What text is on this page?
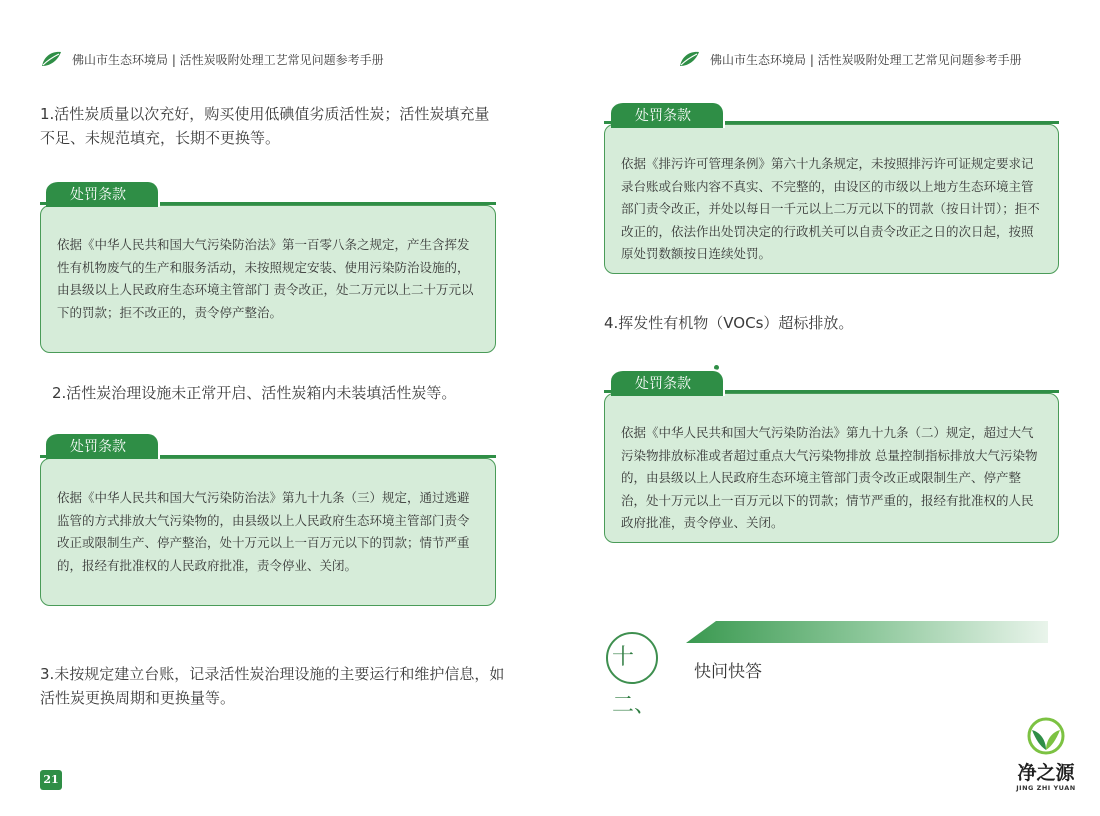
佛山市生态环境局 | 活性炭吸附处理工艺常见问题参考手册
1.活性炭质量以次充好，购买使用低碘值劣质活性炭；活性炭填充量不足、未规范填充，长期不更换等。
依据《中华人民共和国大气污染防治法》第一百零八条之规定，产生含挥发性有机物废气的生产和服务活动，未按照规定安装、使用污染防治设施的，由县级以上人民政府生态环境主管部门 责令改正，处二万元以上二十万元以下的罚款；拒不改正的，责令停产整治。
处罚条款
2.活性炭治理设施未正常开启、活性炭箱内未装填活性炭等。
依据《中华人民共和国大气污染防治法》第九十九条（三）规定，通过逃避监管的方式排放大气污染物的，由县级以上人民政府生态环境主管部门责令改正或限制生产、停产整治，处十万元以上一百万元以下的罚款；情节严重的，报经有批准权的人民政府批准，责令停业、关闭。
处罚条款
3.未按规定建立台账，记录活性炭治理设施的主要运行和维护信息，如活性炭更换周期和更换量等。
21
佛山市生态环境局 | 活性炭吸附处理工艺常见问题参考手册
依据《排污许可管理条例》第六十九条规定，未按照排污许可证规定要求记录台账或台账内容不真实、不完整的，由设区的市级以上地方生态环境主管部门责令改正，并处以每日一千元以上二万元以下的罚款（按日计罚）；拒不改正的，依法作出处罚决定的行政机关可以自责令改正之日的次日起，按照原处罚数额按日连续处罚。
处罚条款
4.挥发性有机物（VOCs）超标排放。
依据《中华人民共和国大气污染防治法》第九十九条（二）规定，超过大气污染物排放标准或者超过重点大气污染物排放 总量控制指标排放大气污染物的，由县级以上人民政府生态环境主管部门责令改正或限制生产、停产整治，处十万元以上一百万元以下的罚款；情节严重的，报经有批准权的人民政府批准，责令停业、关闭。
处罚条款
十二、
快问快答
净之源
JING ZHI YUAN
